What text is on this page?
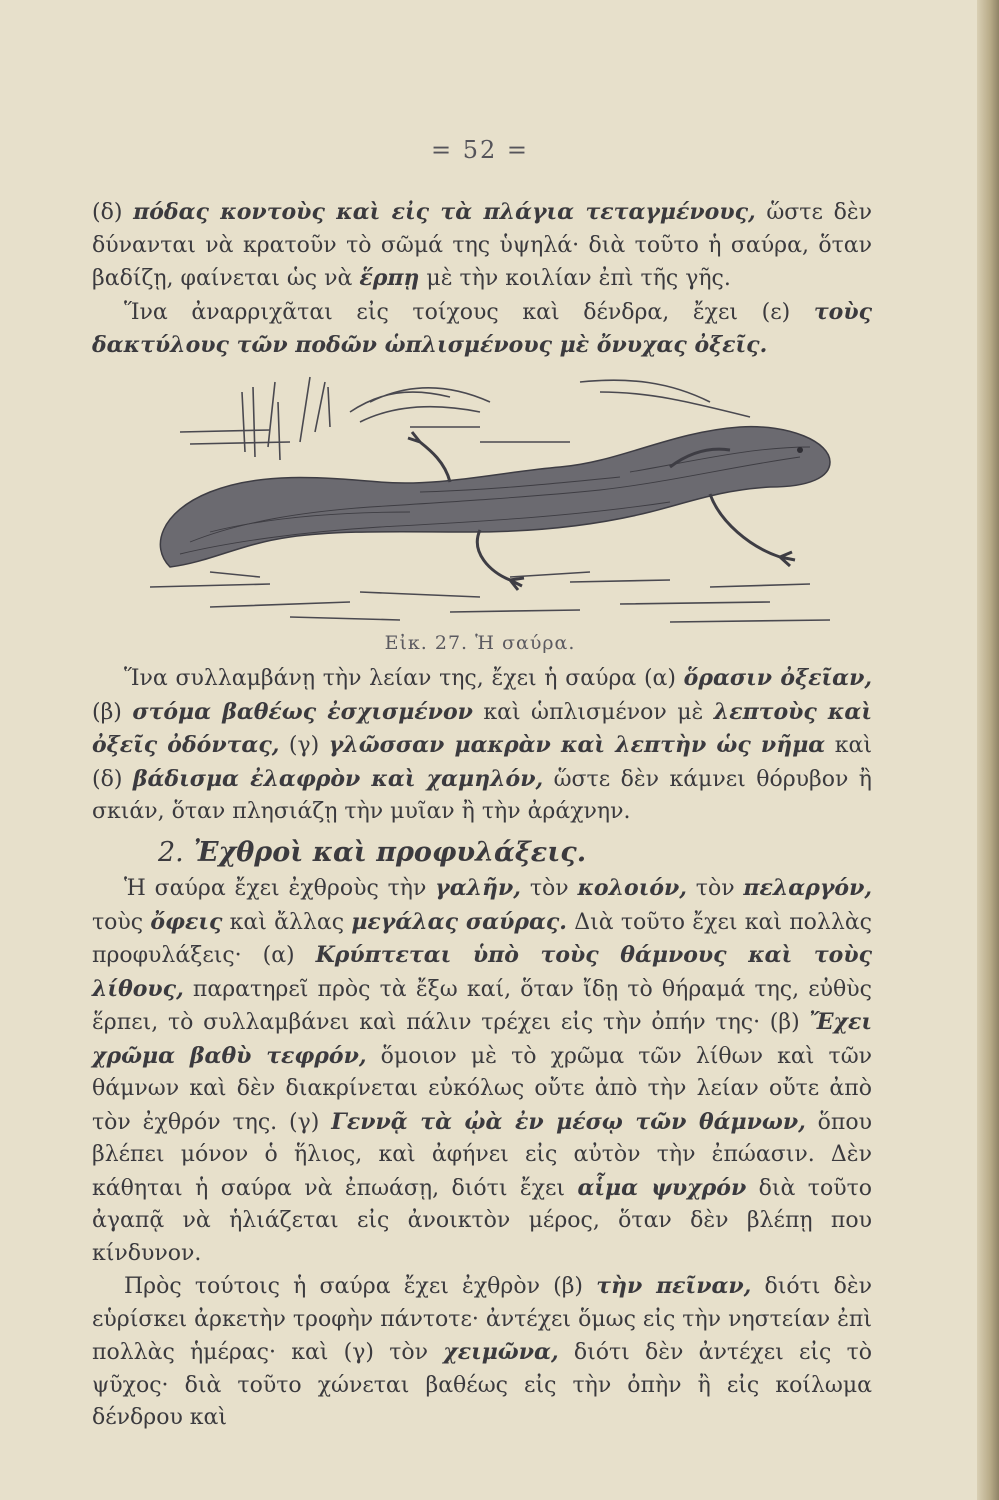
= 52 =

(δ) πόδας κοντοὺς καὶ εἰς τὰ πλάγια τεταγμένους, ὥστε δὲν δύνανται νὰ κρατοῦν τὸ σῶμά της ὑψηλά· διὰ τοῦτο ἡ σαύρα, ὅταν βαδίζῃ, φαίνεται ὡς νὰ ἕρπῃ μὲ τὴν κοιλίαν ἐπὶ τῆς γῆς.

Ἵνα ἀναρριχᾶται εἰς τοίχους καὶ δένδρα, ἔχει (ε) τοὺς δακτύλους τῶν ποδῶν ὡπλισμένους μὲ ὄνυχας ὀξεῖς.

Εἰκ. 27. Ἡ σαύρα.

Ἵνα συλλαμβάνῃ τὴν λείαν της, ἔχει ἡ σαύρα (α) ὅρασιν ὀξεῖαν, (β) στόμα βαθέως ἐσχισμένον καὶ ὡπλισμένον μὲ λεπτοὺς καὶ ὀξεῖς ὀδόντας, (γ) γλῶσσαν μακρὰν καὶ λεπτὴν ὡς νῆμα καὶ (δ) βάδισμα ἐλαφρὸν καὶ χαμηλόν, ὥστε δὲν κάμνει θόρυβον ἢ σκιάν, ὅταν πλησιάζῃ τὴν μυῖαν ἢ τὴν ἀράχνην.

2. Ἐχθροὶ καὶ προφυλάξεις.

Ἡ σαύρα ἔχει ἐχθροὺς τὴν γαλῆν, τὸν κολοιόν, τὸν πελαργόν, τοὺς ὄφεις καὶ ἄλλας μεγάλας σαύρας. Διὰ τοῦτο ἔχει καὶ πολλὰς προφυλάξεις· (α) Κρύπτεται ὑπὸ τοὺς θάμνους καὶ τοὺς λίθους, παρατηρεῖ πρὸς τὰ ἔξω καί, ὅταν ἴδῃ τὸ θήραμά της, εὐθὺς ἕρπει, τὸ συλλαμβάνει καὶ πάλιν τρέχει εἰς τὴν ὀπήν της· (β) Ἔχει χρῶμα βαθὺ τεφρόν, ὅμοιον μὲ τὸ χρῶμα τῶν λίθων καὶ τῶν θάμνων καὶ δὲν διακρίνεται εὐκόλως οὔτε ἀπὸ τὴν λείαν οὔτε ἀπὸ τὸν ἐχθρόν της. (γ) Γεννᾷ τὰ ᾠὰ ἐν μέσῳ τῶν θάμνων, ὅπου βλέπει μόνον ὁ ἥλιος, καὶ ἀφήνει εἰς αὐτὸν τὴν ἐπώασιν. Δὲν κάθηται ἡ σαύρα νὰ ἐπωάσῃ, διότι ἔχει αἷμα ψυχρόν διὰ τοῦτο ἀγαπᾷ νὰ ἡλιάζεται εἰς ἀνοικτὸν μέρος, ὅταν δὲν βλέπῃ που κίνδυνον.

Πρὸς τούτοις ἡ σαύρα ἔχει ἐχθρὸν (β) τὴν πεῖναν, διότι δὲν εὑρίσκει ἀρκετὴν τροφὴν πάντοτε· ἀντέχει ὅμως εἰς τὴν νηστείαν ἐπὶ πολλὰς ἡμέρας· καὶ (γ) τὸν χειμῶνα, διότι δὲν ἀντέχει εἰς τὸ ψῦχος· διὰ τοῦτο χώνεται βαθέως εἰς τὴν ὀπὴν ἢ εἰς κοίλωμα δένδρου καὶ
